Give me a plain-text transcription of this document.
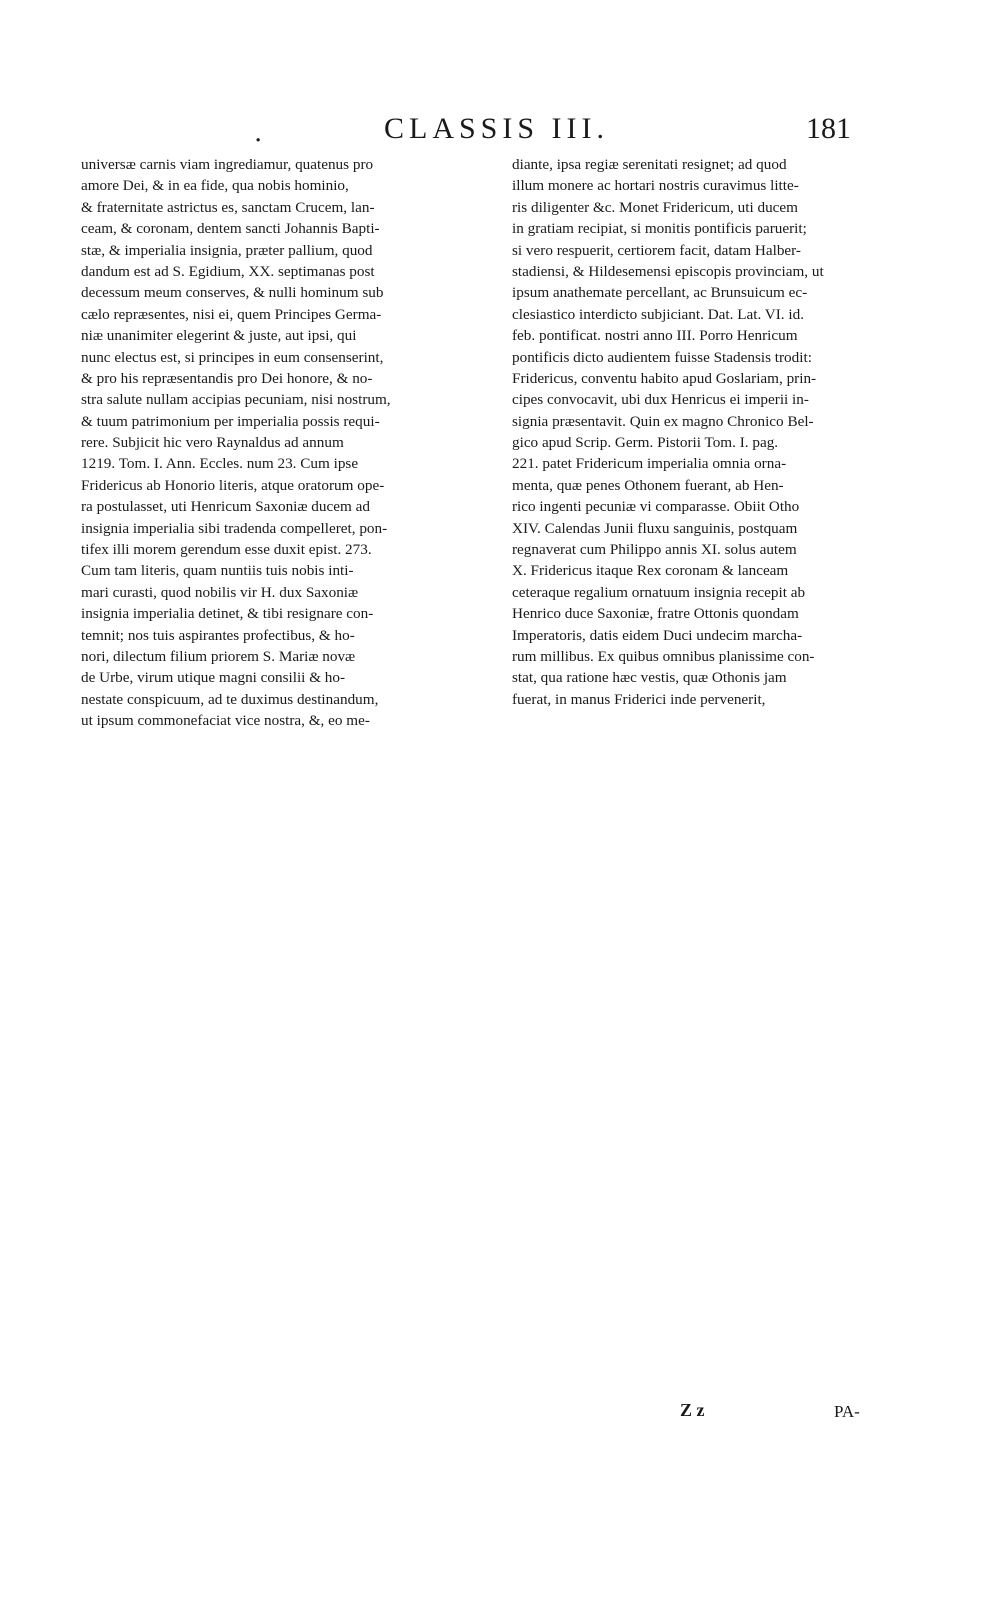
.	CLASSIS III.	181
universæ carnis viam ingrediamur, quatenus pro
amore Dei, & in ea fide, qua nobis hominio,
& fraternitate astrictus es, sanctam Crucem, lan-
ceam, & coronam, dentem sancti Johannis Bapti-
stæ, & imperialia insignia, præter pallium, quod
dandum est ad S. Egidium, XX. septimanas post
decessum meum conserves, & nulli hominum sub
cælo repræsentes, nisi ei, quem Principes Germa-
niæ unanimiter elegerint & juste, aut ipsi, qui
nunc electus est, si principes in eum consenserint,
& pro his repræsentandis pro Dei honore, & no-
stra salute nullam accipias pecuniam, nisi nostrum,
& tuum patrimonium per imperialia possis requi-
rere. Subjicit hic vero Raynaldus ad annum
1219. Tom. I. Ann. Eccles. num 23. Cum ipse
Fridericus ab Honorio literis, atque oratorum ope-
ra postulasset, uti Henricum Saxoniæ ducem ad
insignia imperialia sibi tradenda compelleret, pon-
tifex illi morem gerendum esse duxit epist. 273.
Cum tam literis, quam nuntiis tuis nobis inti-
mari curasti, quod nobilis vir H. dux Saxoniæ
insignia imperialia detinet, & tibi resignare con-
temnit; nos tuis aspirantes profectibus, & ho-
nori, dilectum filium priorem S. Mariæ novæ
de Urbe, virum utique magni consilii & ho-
nestate conspicuum, ad te duximus destinandum,
ut ipsum commonefaciat vice nostra, &, eo me-
diante, ipsa regiæ serenitati resignet; ad quod
illum monere ac hortari nostris curavimus litte-
ris diligenter &c. Monet Fridericum, uti ducem
in gratiam recipiat, si monitis pontificis paruerit;
si vero respuerit, certiorem facit, datam Halber-
stadiensi, & Hildesemensi episcopis provinciam, ut
ipsum anathemate percellant, ac Brunsuicum ec-
clesiastico interdicto subjiciant. Dat. Lat. VI. id.
feb. pontificat. nostri anno III. Porro Henricum
pontificis dicto audientem fuisse Stadensis trodit:
Fridericus, conventu habito apud Goslariam, prin-
cipes convocavit, ubi dux Henricus ei imperii in-
signia præsentavit. Quin ex magno Chronico Bel-
gico apud Scrip. Germ. Pistorii Tom. I. pag.
221. patet Fridericum imperialia omnia orna-
menta, quæ penes Othonem fuerant, ab Hen-
rico ingenti pecuniæ vi comparasse. Obiit Otho
XIV. Calendas Junii fluxu sanguinis, postquam
regnaverat cum Philippo annis XI. solus autem
X. Fridericus itaque Rex coronam & lanceam
ceteraque regalium ornatuum insignia recepit ab
Henrico duce Saxoniæ, fratre Ottonis quondam
Imperatoris, datis eidem Duci undecim marcha-
rum millibus. Ex quibus omnibus planissime con-
stat, qua ratione hæc vestis, quæ Othonis jam
fuerat, in manus Friderici inde pervenerit,
Z z	PA-
